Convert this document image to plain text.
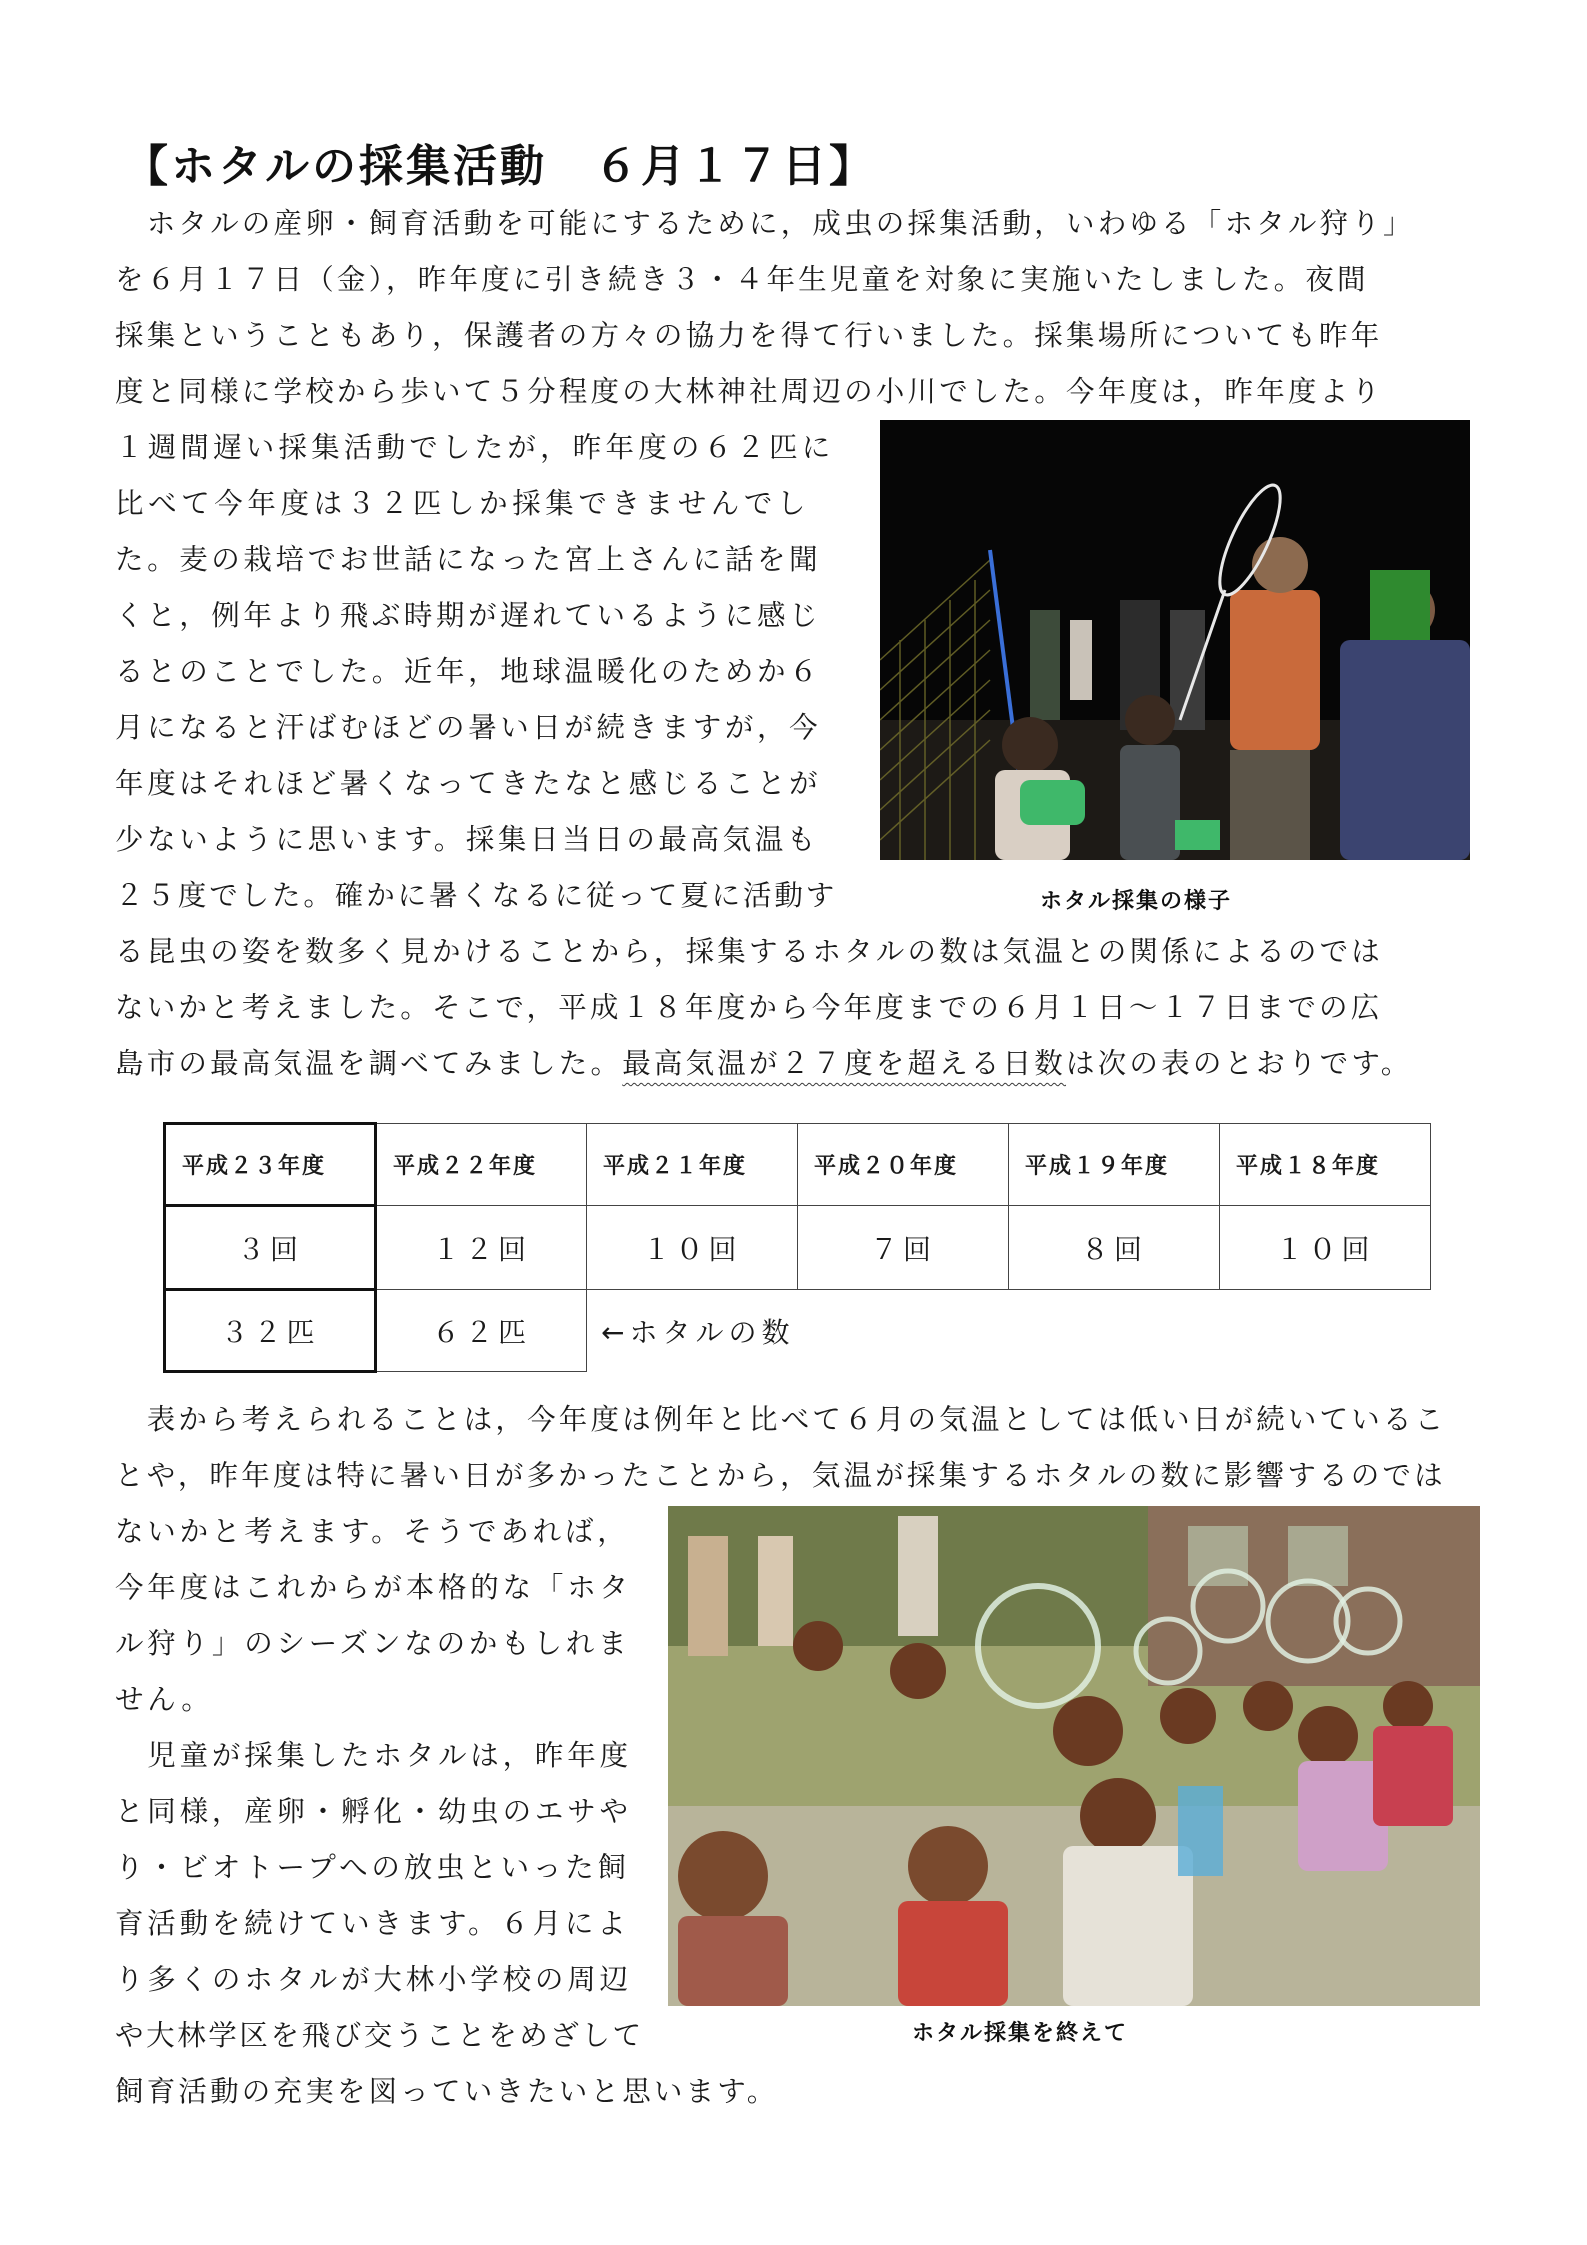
【ホタルの採集活動　６月１７日】
　ホタルの産卵・飼育活動を可能にするために，成虫の採集活動，いわゆる「ホタル狩り」
を６月１７日（金），昨年度に引き続き３・４年生児童を対象に実施いたしました。夜間
採集ということもあり，保護者の方々の協力を得て行いました。採集場所についても昨年
度と同様に学校から歩いて５分程度の大林神社周辺の小川でした。今年度は，昨年度より
１週間遅い採集活動でしたが，昨年度の６２匹に
比べて今年度は３２匹しか採集できませんでし
た。麦の栽培でお世話になった宮上さんに話を聞
くと，例年より飛ぶ時期が遅れているように感じ
るとのことでした。近年，地球温暖化のためか６
月になると汗ばむほどの暑い日が続きますが，今
年度はそれほど暑くなってきたなと感じることが
少ないように思います。採集日当日の最高気温も
２５度でした。確かに暑くなるに従って夏に活動す	ホタル採集の様子
る昆虫の姿を数多く見かけることから，採集するホタルの数は気温との関係によるのでは
ないかと考えました。そこで，平成１８年度から今年度までの６月１日～１７日までの広
島市の最高気温を調べてみました。最高気温が２７度を超える日数は次の表のとおりです。
平成２３年度	平成２２年度	平成２１年度	平成２０年度	平成１９年度	平成１８年度
３回	１２回	１０回	７回	８回	１０回
３２匹	６２匹	←ホタルの数			
　表から考えられることは，今年度は例年と比べて６月の気温としては低い日が続いているこ
とや，昨年度は特に暑い日が多かったことから，気温が採集するホタルの数に影響するのでは
ないかと考えます。そうであれば，
今年度はこれからが本格的な「ホタ
ル狩り」のシーズンなのかもしれま
せん。
　児童が採集したホタルは，昨年度
と同様，産卵・孵化・幼虫のエサや
り・ビオトープへの放虫といった飼
育活動を続けていきます。６月によ
り多くのホタルが大林小学校の周辺
や大林学区を飛び交うことをめざして	ホタル採集を終えて
飼育活動の充実を図っていきたいと思います。
